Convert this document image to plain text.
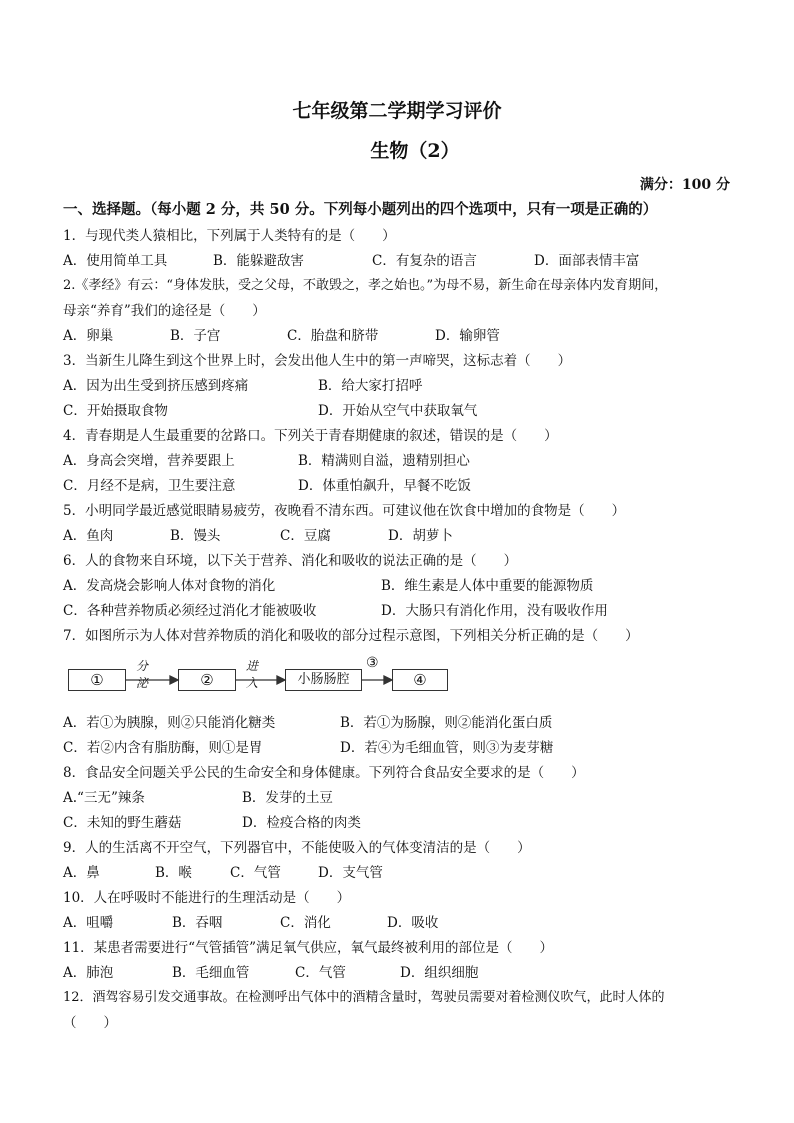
七年级第二学期学习评价
生物（2）
满分：100 分
一、选择题。（每小题 2 分，共 50 分。下列每小题列出的四个选项中，只有一项是正确的）
1．与现代类人猿相比，下列属于人类特有的是（　　）
A．使用简单工具	B．能躲避敌害	C．有复杂的语言	D．面部表情丰富
2.《孝经》有云：“身体发肤，受之父母，不敢毁之，孝之始也。”为母不易，新生命在母亲体内发育期间，
母亲“养育”我们的途径是（　　）
A．卵巢	B．子宫	C．胎盘和脐带	D．输卵管
3．当新生儿降生到这个世界上时，会发出他人生中的第一声啼哭，这标志着（　　）
A．因为出生受到挤压感到疼痛	B．给大家打招呼
C．开始摄取食物	D．开始从空气中获取氧气
4．青春期是人生最重要的岔路口。下列关于青春期健康的叙述，错误的是（　　）
A．身高会突增，营养要跟上	B．精满则自溢，遗精别担心
C．月经不是病，卫生要注意	D．体重怕飙升，早餐不吃饭
5．小明同学最近感觉眼睛易疲劳，夜晚看不清东西。可建议他在饮食中增加的食物是（　　）
A．鱼肉	B．馒头	C．豆腐	D．胡萝卜
6．人的食物来自环境，以下关于营养、消化和吸收的说法正确的是（　　）
A．发高烧会影响人体对食物的消化	B．维生素是人体中重要的能源物质
C．各种营养物质必须经过消化才能被吸收	D．大肠只有消化作用，没有吸收作用
7．如图所示为人体对营养物质的消化和吸收的部分过程示意图，下列相关分析正确的是（　　）
①	②	小肠肠腔	④
分泌
进入
③
A．若①为胰腺，则②只能消化糖类	B．若①为肠腺，则②能消化蛋白质
C．若②内含有脂肪酶，则①是胃	D．若④为毛细血管，则③为麦芽糖
8．食品安全问题关乎公民的生命安全和身体健康。下列符合食品安全要求的是（　　）
A.“三无”辣条	B．发芽的土豆
C．未知的野生蘑菇	D．检疫合格的肉类
9．人的生活离不开空气，下列器官中，不能使吸入的气体变清洁的是（　　）
A．鼻	B．喉	C．气管	D．支气管
10．人在呼吸时不能进行的生理活动是（　　）
A．咀嚼	B．吞咽	C．消化	D．吸收
11．某患者需要进行“气管插管”满足氧气供应，氧气最终被利用的部位是（　　）
A．肺泡	B．毛细血管	C．气管	D．组织细胞
12．酒驾容易引发交通事故。在检测呼出气体中的酒精含量时，驾驶员需要对着检测仪吹气，此时人体的
（　　）
